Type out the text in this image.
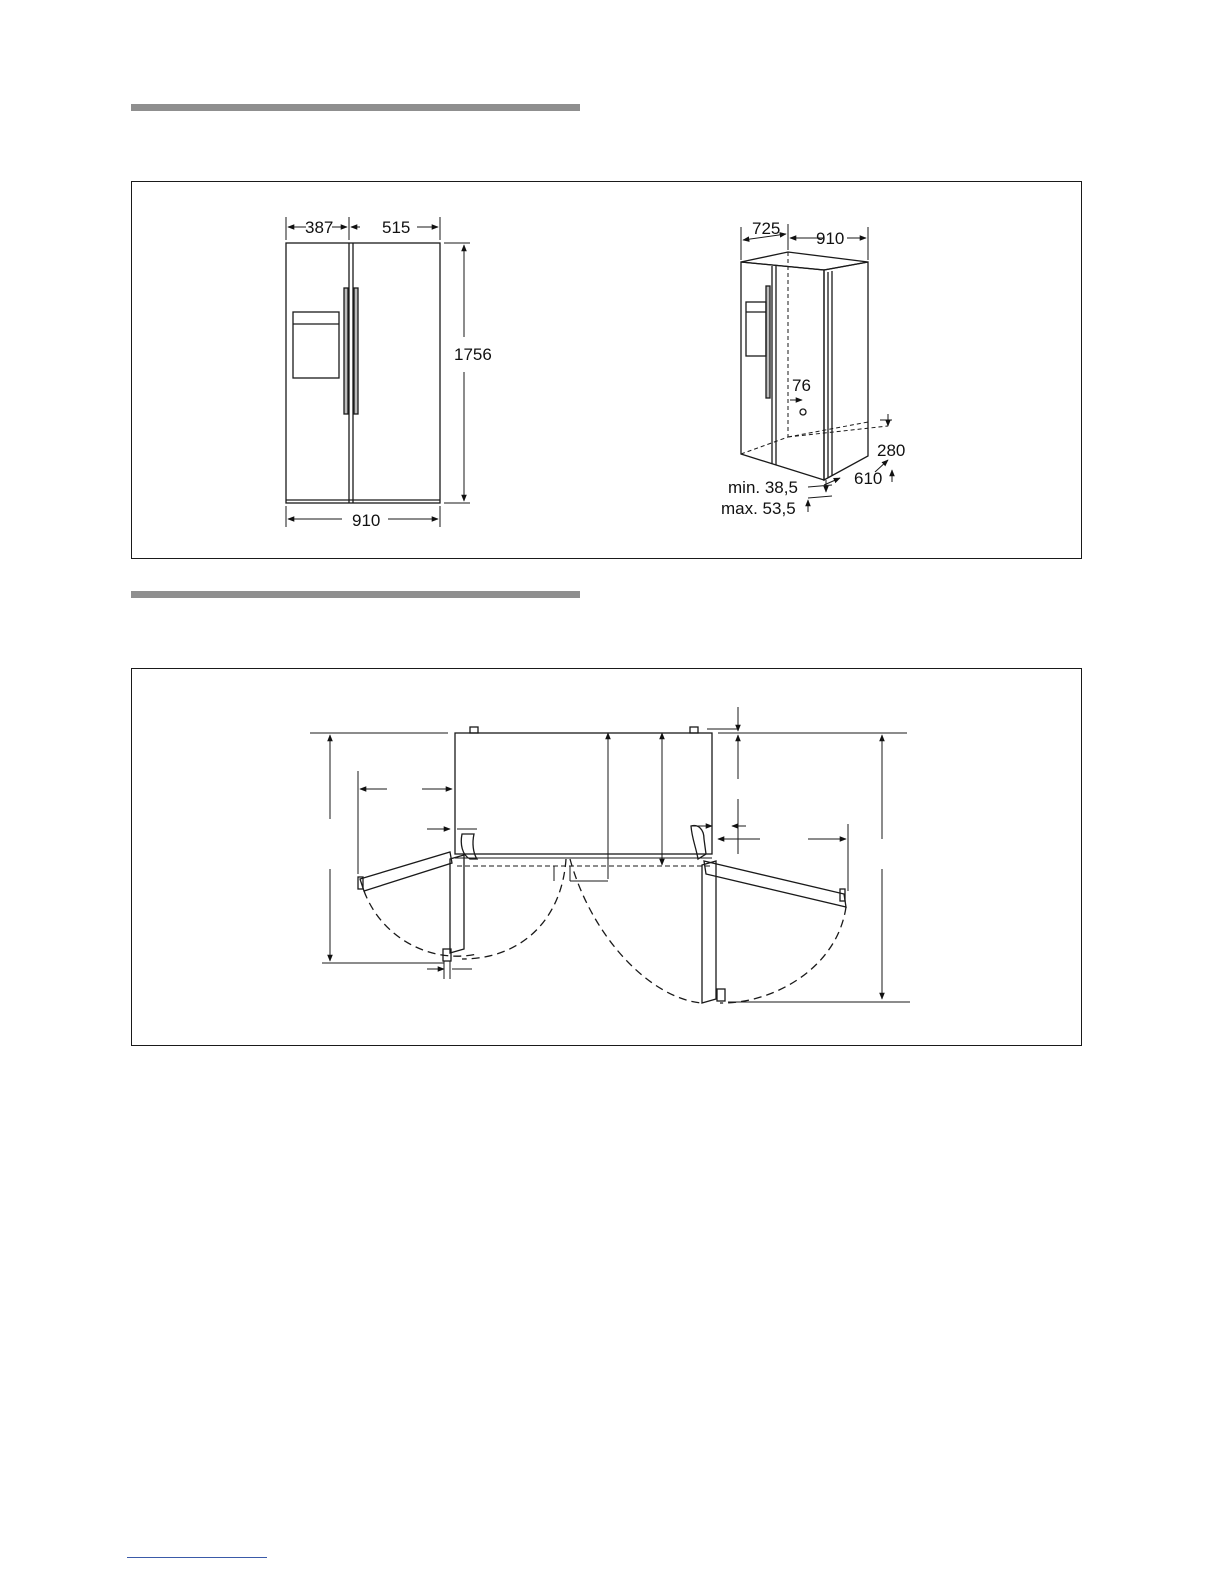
387	515
1756
910
725
910
76
280
610
min. 38,5
max. 53,5
